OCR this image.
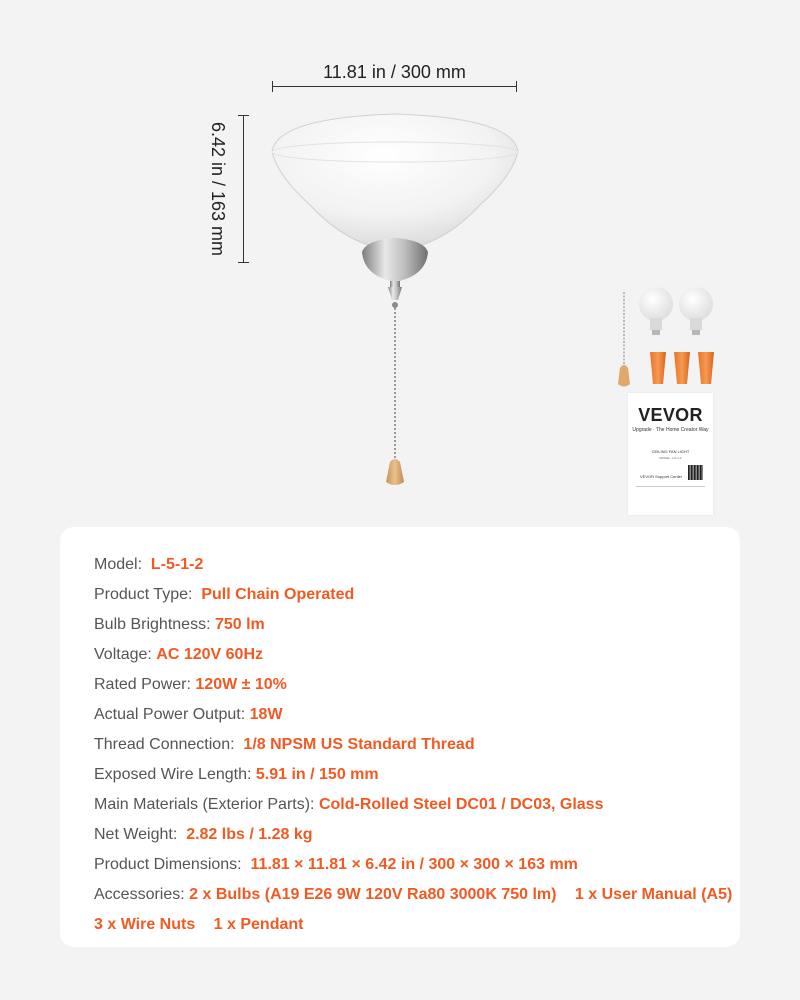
11.81 in / 300 mm
6.42 in / 163 mm
VEVOR
Upgrade · The Home Creator Way
CEILING FAN LIGHT
MODEL: L-5-1-2
VEVOR Support Center
Model: L-5-1-2
Product Type: Pull Chain Operated
Bulb Brightness: 750 lm
Voltage: AC 120V 60Hz
Rated Power: 120W ± 10%
Actual Power Output: 18W
Thread Connection: 1/8 NPSM US Standard Thread
Exposed Wire Length: 5.91 in / 150 mm
Main Materials (Exterior Parts): Cold-Rolled Steel DC01 / DC03, Glass
Net Weight: 2.82 lbs / 1.28 kg
Product Dimensions: 11.81 × 11.81 × 6.42 in / 300 × 300 × 163 mm
Accessories: 2 x Bulbs (A19 E26 9W 120V Ra80 3000K 750 lm) 1 x User Manual (A5)
3 x Wire Nuts 1 x Pendant
